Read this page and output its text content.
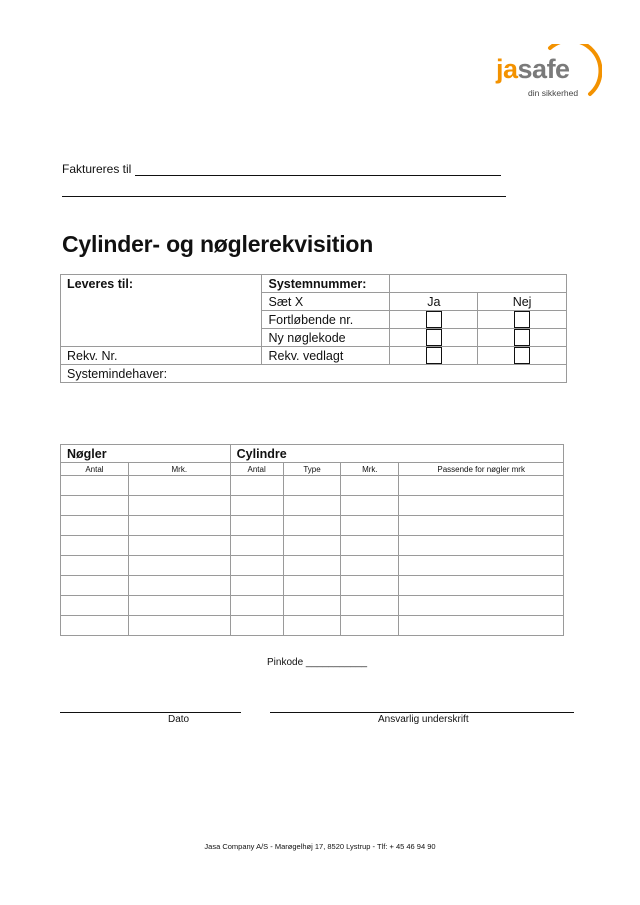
jasafe
din sikkerhed
Faktureres til
Cylinder- og nøglerekvisition
Leveres til:	Systemnummer:		
	Sæt X	Ja	Nej
	Fortløbende nr.	

	Ny nøglekode	

Rekv. Nr.	Rekv. vedlagt	

Systemindehaver:			
Nøgler		Cylindre			
Antal	Mrk.	Antal	Type	Mrk.	Passende for nøgler mrk

Pinkode ___________
Dato	Ansvarlig underskrift
Jasa Company A/S - Marøgelhøj 17, 8520 Lystrup - Tlf: + 45 46 94 90
